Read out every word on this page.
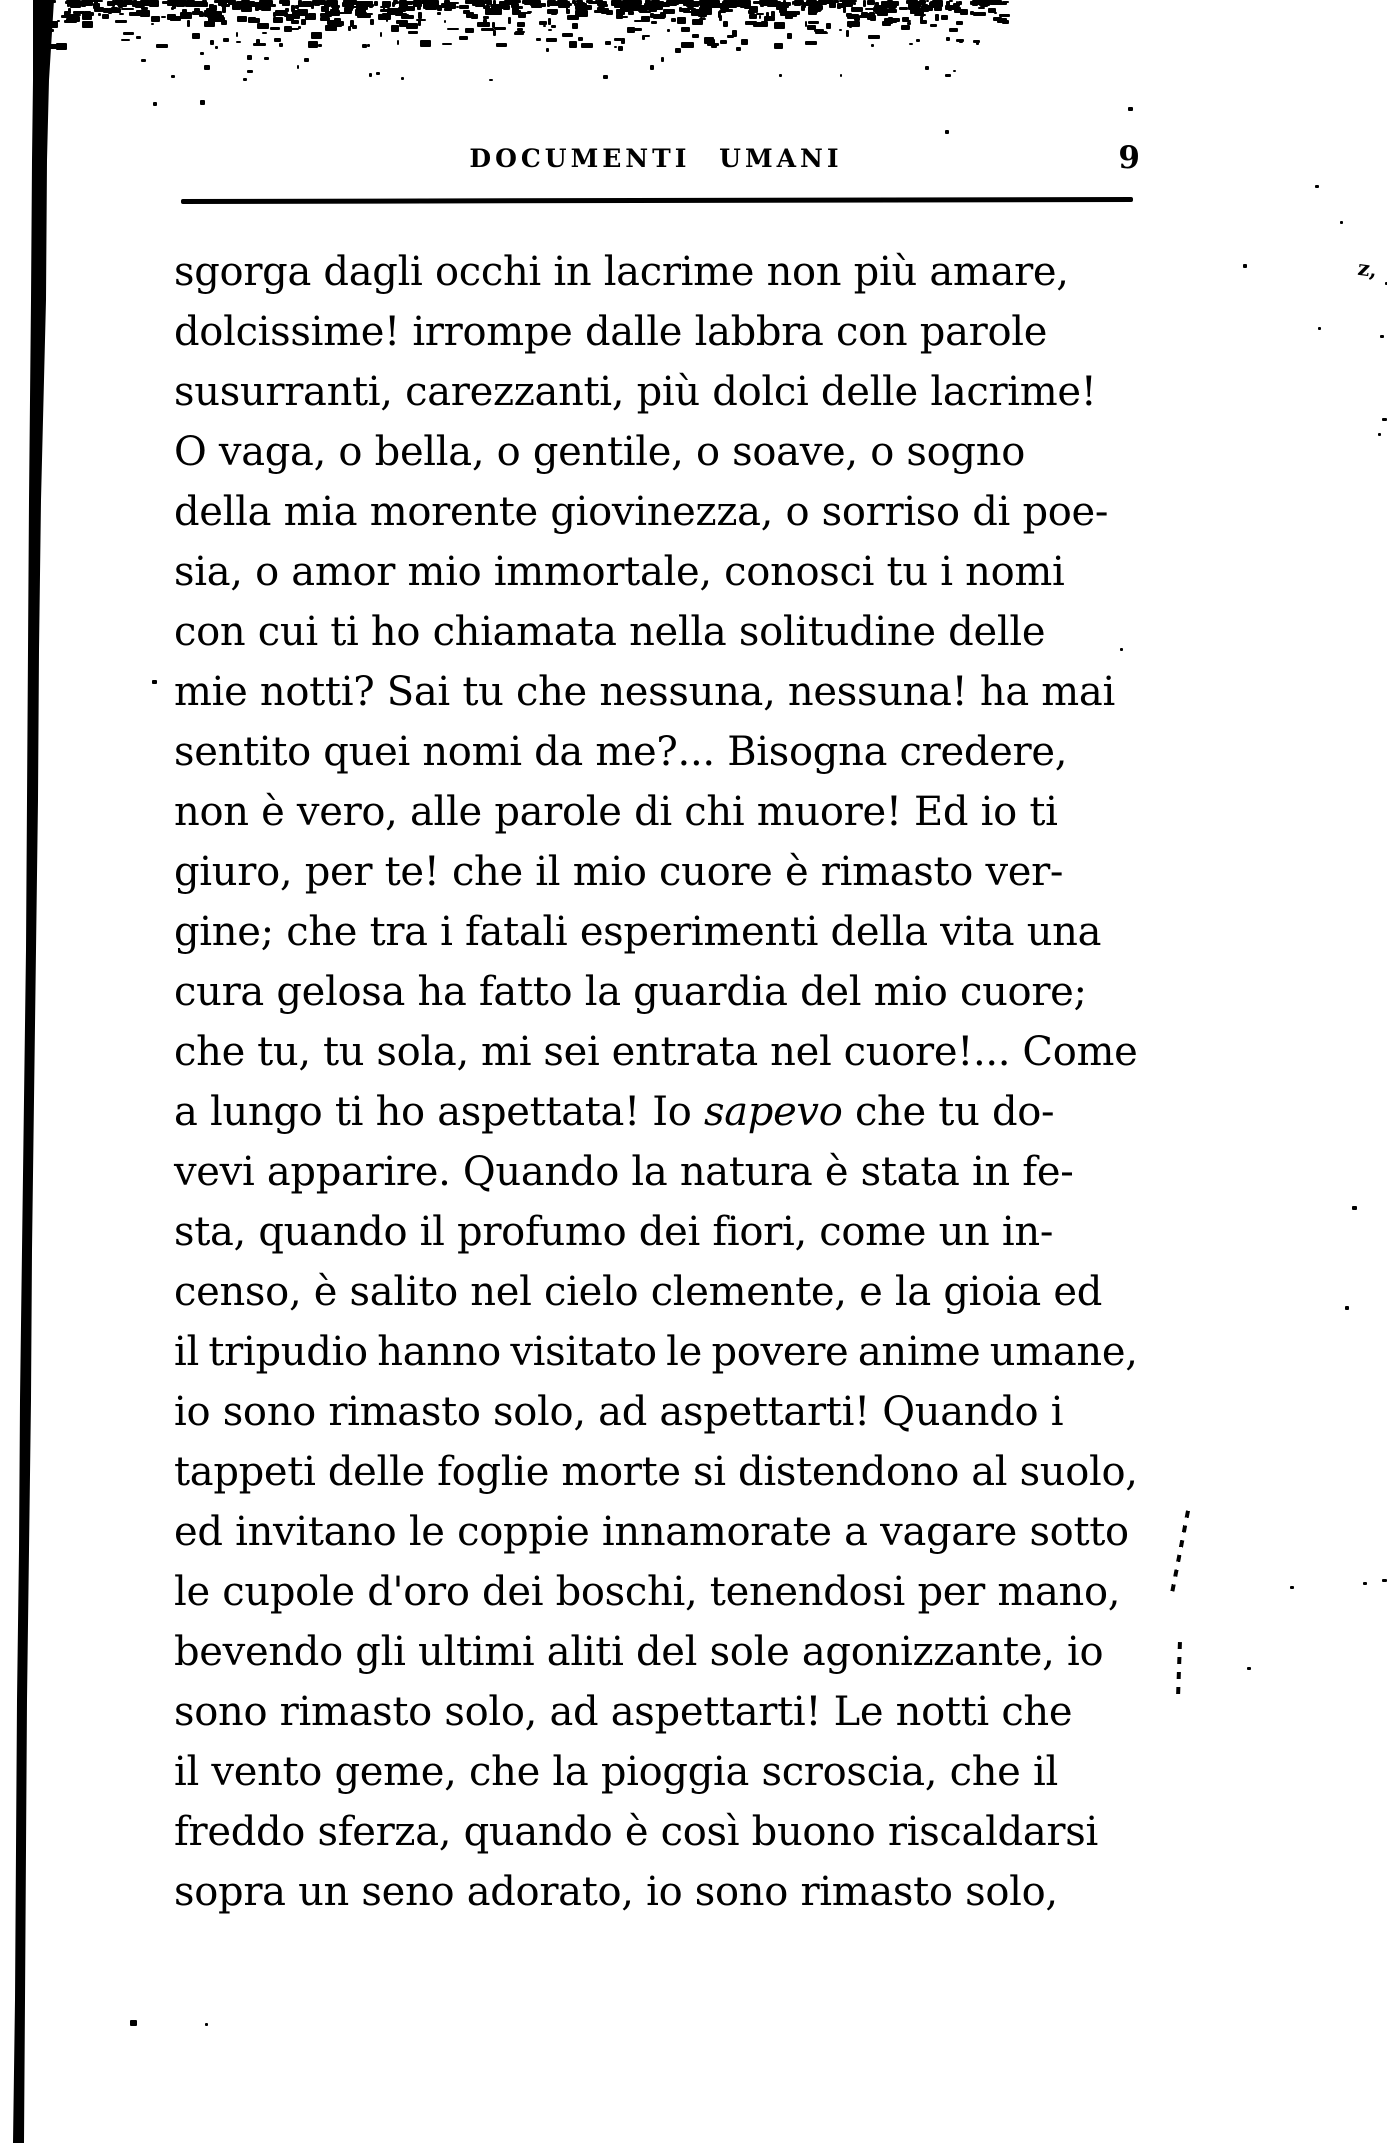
DOCUMENTI UMANI	9
sgorga dagli occhi in lacrime non più amare,
dolcissime! irrompe dalle labbra con parole
susurranti, carezzanti, più dolci delle lacrime!
O vaga, o bella, o gentile, o soave, o sogno
della mia morente giovinezza, o sorriso di poe-
sia, o amor mio immortale, conosci tu i nomi
con cui ti ho chiamata nella solitudine delle
mie notti? Sai tu che nessuna, nessuna! ha mai
sentito quei nomi da me?... Bisogna credere,
non è vero, alle parole di chi muore! Ed io ti
giuro, per te! che il mio cuore è rimasto ver-
gine; che tra i fatali esperimenti della vita una
cura gelosa ha fatto la guardia del mio cuore;
che tu, tu sola, mi sei entrata nel cuore!... Come
a lungo ti ho aspettata! Io sapevo che tu do-
vevi apparire. Quando la natura è stata in fe-
sta, quando il profumo dei fiori, come un in-
censo, è salito nel cielo clemente, e la gioia ed
il tripudio hanno visitato le povere anime umane,
io sono rimasto solo, ad aspettarti! Quando i
tappeti delle foglie morte si distendono al suolo,
ed invitano le coppie innamorate a vagare sotto
le cupole d'oro dei boschi, tenendosi per mano,
bevendo gli ultimi aliti del sole agonizzante, io
sono rimasto solo, ad aspettarti! Le notti che
il vento geme, che la pioggia scroscia, che il
freddo sferza, quando è così buono riscaldarsi
sopra un seno adorato, io sono rimasto solo,
z,
